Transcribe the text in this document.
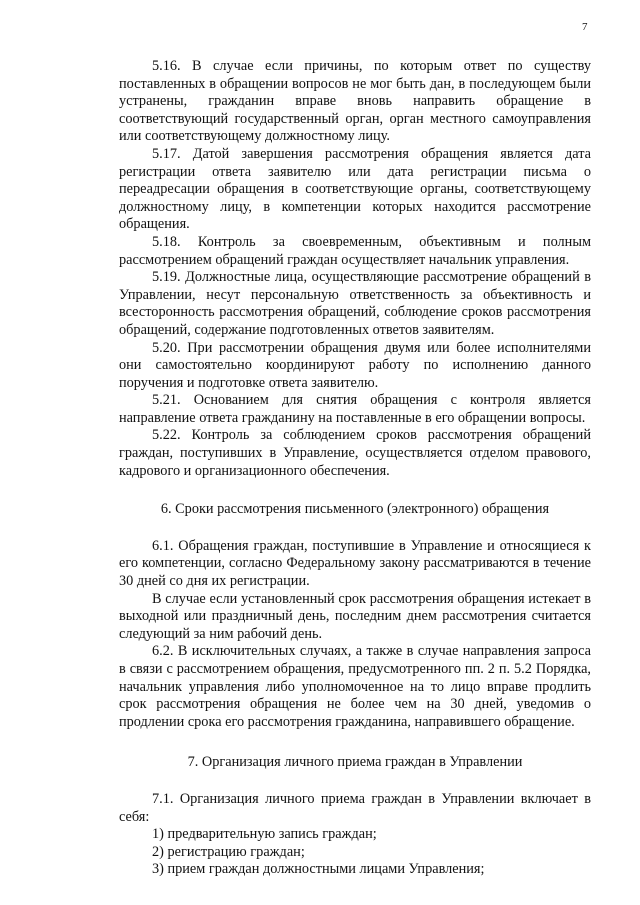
7

5.16. В случае если причины, по которым ответ по существу поставленных в обращении вопросов не мог быть дан, в последующем были устранены, гражданин вправе вновь направить обращение в соответствующий государственный орган, орган местного самоуправления или соответствующему должностному лицу.

5.17. Датой завершения рассмотрения обращения является дата регистрации ответа заявителю или дата регистрации письма о переадресации обращения в соответствующие органы, соответствующему должностному лицу, в компетенции которых находится рассмотрение обращения.

5.18. Контроль за своевременным, объективным и полным рассмотрением обращений граждан осуществляет начальник управления.

5.19. Должностные лица, осуществляющие рассмотрение обращений в Управлении, несут персональную ответственность за объективность и всесторонность рассмотрения обращений, соблюдение сроков рассмотрения обращений, содержание подготовленных ответов заявителям.

5.20. При рассмотрении обращения двумя или более исполнителями они самостоятельно координируют работу по исполнению данного поручения и подготовке ответа заявителю.

5.21. Основанием для снятия обращения с контроля является направление ответа гражданину на поставленные в его обращении вопросы.

5.22. Контроль за соблюдением сроков рассмотрения обращений граждан, поступивших в Управление, осуществляется отделом правового, кадрового и организационного обеспечения.

6. Сроки рассмотрения письменного (электронного) обращения

6.1. Обращения граждан, поступившие в Управление и относящиеся к его компетенции, согласно Федеральному закону рассматриваются в течение 30 дней со дня их регистрации.

В случае если установленный срок рассмотрения обращения истекает в выходной или праздничный день, последним днем рассмотрения считается следующий за ним рабочий день.

6.2. В исключительных случаях, а также в случае направления запроса в связи с рассмотрением обращения, предусмотренного пп. 2 п. 5.2 Порядка, начальник управления либо уполномоченное на то лицо вправе продлить срок рассмотрения обращения не более чем на 30 дней, уведомив о продлении срока его рассмотрения гражданина, направившего обращение.

7. Организация личного приема граждан в Управлении

7.1. Организация личного приема граждан в Управлении включает в себя:

1) предварительную запись граждан;
2) регистрацию граждан;
3) прием граждан должностными лицами Управления;
